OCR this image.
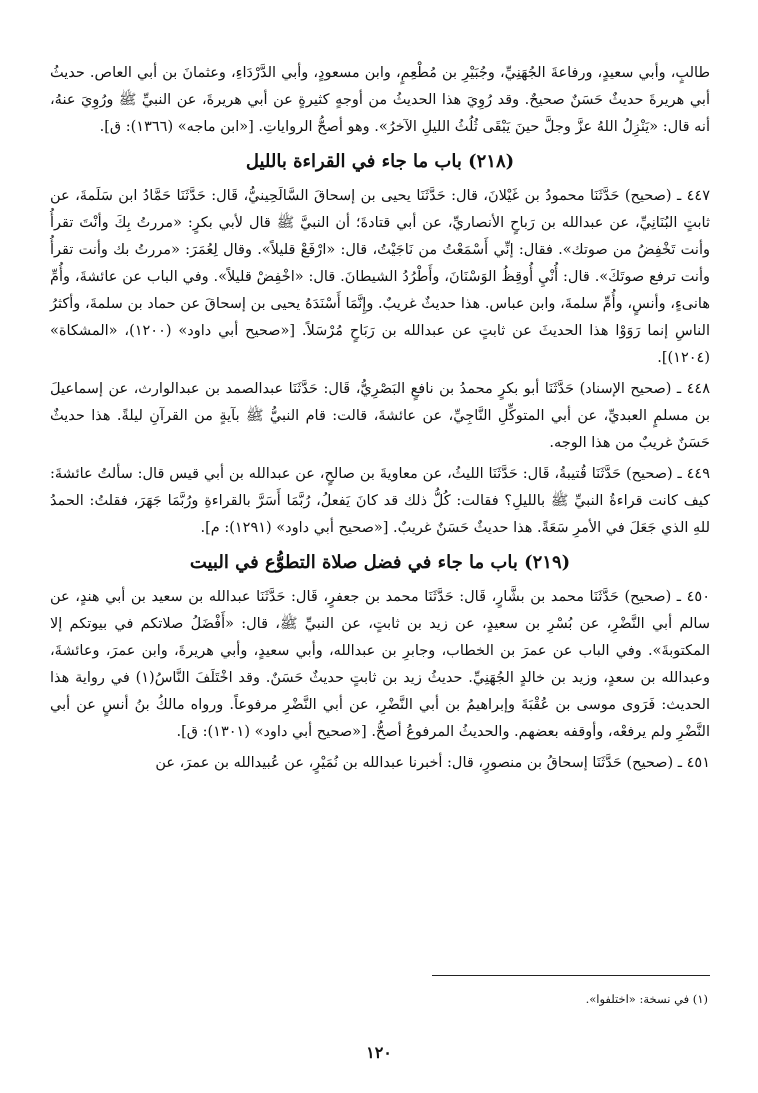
طالبٍ، وأبي سعيدٍ، ورفاعةَ الجُهَنِيِّ، وجُبَيْرِ بن مُطْعِمٍ، وابن مسعودٍ، وأبي الدَّرْدَاءِ، وعثمانَ بن أبي العاص. حديثُ أبي هريرةَ حديثٌ حَسَنٌ صحيحٌ. وقد رُوِيَ هذا الحديثُ من أوجهٍ كثيرةٍ عن أبي هريرةَ، عن النبيِّ ﷺ ورُوِيَ عنهُ، أنه قال: «يَنْزِلُ اللهُ عزَّ وجلَّ حينَ يَبْقَى ثُلُثُ الليلِ الآخرُ». وهو أصحُّ الرواياتِ. [«ابن ماجه» (١٣٦٦): ق].

(٢١٨) باب ما جاء في القراءة بالليل

٤٤٧ ـ (صحيح) حَدَّثَنَا محمودُ بن غَيْلانَ، قال: حَدَّثَنَا يحيى بن إسحاقَ السَّالَحِينيُّ، قَال: حَدَّثَنَا حَمَّادُ ابن سَلَمةَ، عن ثابتٍ البُنَانِيِّ، عن عبدالله بن رَباحٍ الأنصاريِّ، عن أبي قتادةَ؛ أن النبيَّ ﷺ قال لأبي بكرٍ: «مررتُ بِكَ وأنْتَ تقرأُ وأنت تَخْفِضُ من صوتك». فقال: إنِّي أَسْمَعْتُ من نَاجَيْتُ، قال: «ارْفَعْ قليلاً». وقال لِعُمَرَ: «مررتُ بك وأنت تقرأُ وأنت ترفع صوتَكَ». قال: أُنْيِ أُوقِظُ الوَسْنَانَ، وأَطْرُدُ الشيطانَ. قال: «اخْفِضْ قليلاً». وفي الباب عن عائشةَ، وأُمِّ هانىءٍ، وأنسٍ، وأُمِّ سلمةَ، وابن عباس. هذا حديثٌ غريبٌ. وإِنَّمَا أَسْنَدَهُ يحيى بن إسحاقَ عن حماد بن سلمةَ، وأكثرُ الناسِ إنما رَوَوْا هذا الحديثَ عن ثابتٍ عن عبدالله بن رَبَاحٍ مُرْسَلاً. [«صحيح أبي داود» (١٢٠٠)، «المشكاة» (١٢٠٤)].

٤٤٨ ـ (صحيح الإسناد) حَدَّثَنَا أبو بكرٍ محمدُ بن نافعٍ البَصْرِيُّ، قَال: حَدَّثَنَا عبدالصمد بن عبدالوارث، عن إسماعيلَ بن مسلمٍ العبديِّ، عن أبي المتوكِّلِ النَّاجِيِّ، عن عائشةَ، قالت: قام النبيُّ ﷺ بآيةٍ من القرآنِ ليلةً. هذا حديثٌ حَسَنٌ غريبٌ من هذا الوجه.

٤٤٩ ـ (صحيح) حَدَّثَنَا قُتيبةُ، قَال: حَدَّثَنَا الليثُ، عن معاويةَ بن صالحٍ، عن عبدالله بن أبي قيس قال: سألتُ عائشةَ: كيف كانت قراءةُ النبيِّ ﷺ بالليلِ؟ فقالت: كُلُّ ذلك قد كانَ يَفعلُ، رُبَّمَا أَسَرَّ بالقراءةِ ورُبَّمَا جَهَرَ، فقلتُ: الحمدُ للهِ الذي جَعَلَ في الأمرِ سَعَةً. هذا حديثٌ حَسَنٌ غريبٌ. [«صحيح أبي داود» (١٢٩١): م].

(٢١٩) باب ما جاء في فضل صلاة التطوُّع في البيت

٤٥٠ ـ (صحيح) حَدَّثَنَا محمد بن بشَّارٍ، قَال: حَدَّثَنَا محمد بن جعفرٍ، قَال: حَدَّثَنَا عبدالله بن سعيد بن أبي هندٍ، عن سالم أبي النَّضْرِ، عن بُسْرِ بن سعيدٍ، عن زيد بن ثابتٍ، عن النبيِّ ﷺ، قال: «أَفْضَلُ صلاتكم في بيوتكم إلا المكتوبةَ». وفي الباب عن عمرَ بن الخطاب، وجابرِ بن عبدالله، وأبي سعيدٍ، وأبي هريرةَ، وابن عمرَ، وعائشةَ، وعبدالله بن سعدٍ، وزيد بن خالدٍ الجُهَنِيِّ. حديثُ زيد بن ثابتٍ حديثٌ حَسَنٌ. وقد اخْتَلَفَ النَّاسُ(١) في رواية هذا الحديث: فَرَوى موسى بن عُقْبَةَ وإبراهيمُ بن أبي النَّضْرِ، عن أبي النَّضْرِ مرفوعاً. ورواه مالكُ بنُ أنسٍ عن أبي النَّضْرِ ولم يرفعْه، وأوقفه بعضهم. والحديثُ المرفوعُ أصحُّ. [«صحيح أبي داود» (١٣٠١): ق].

٤٥١ ـ (صحيح) حَدَّثَنَا إسحاقُ بن منصورٍ، قال: أخبرنا عبدالله بن نُمَيْرٍ، عن عُبيدالله بن عمرَ، عن

(١) في نسخة: «اختلفوا».
١٢٠
